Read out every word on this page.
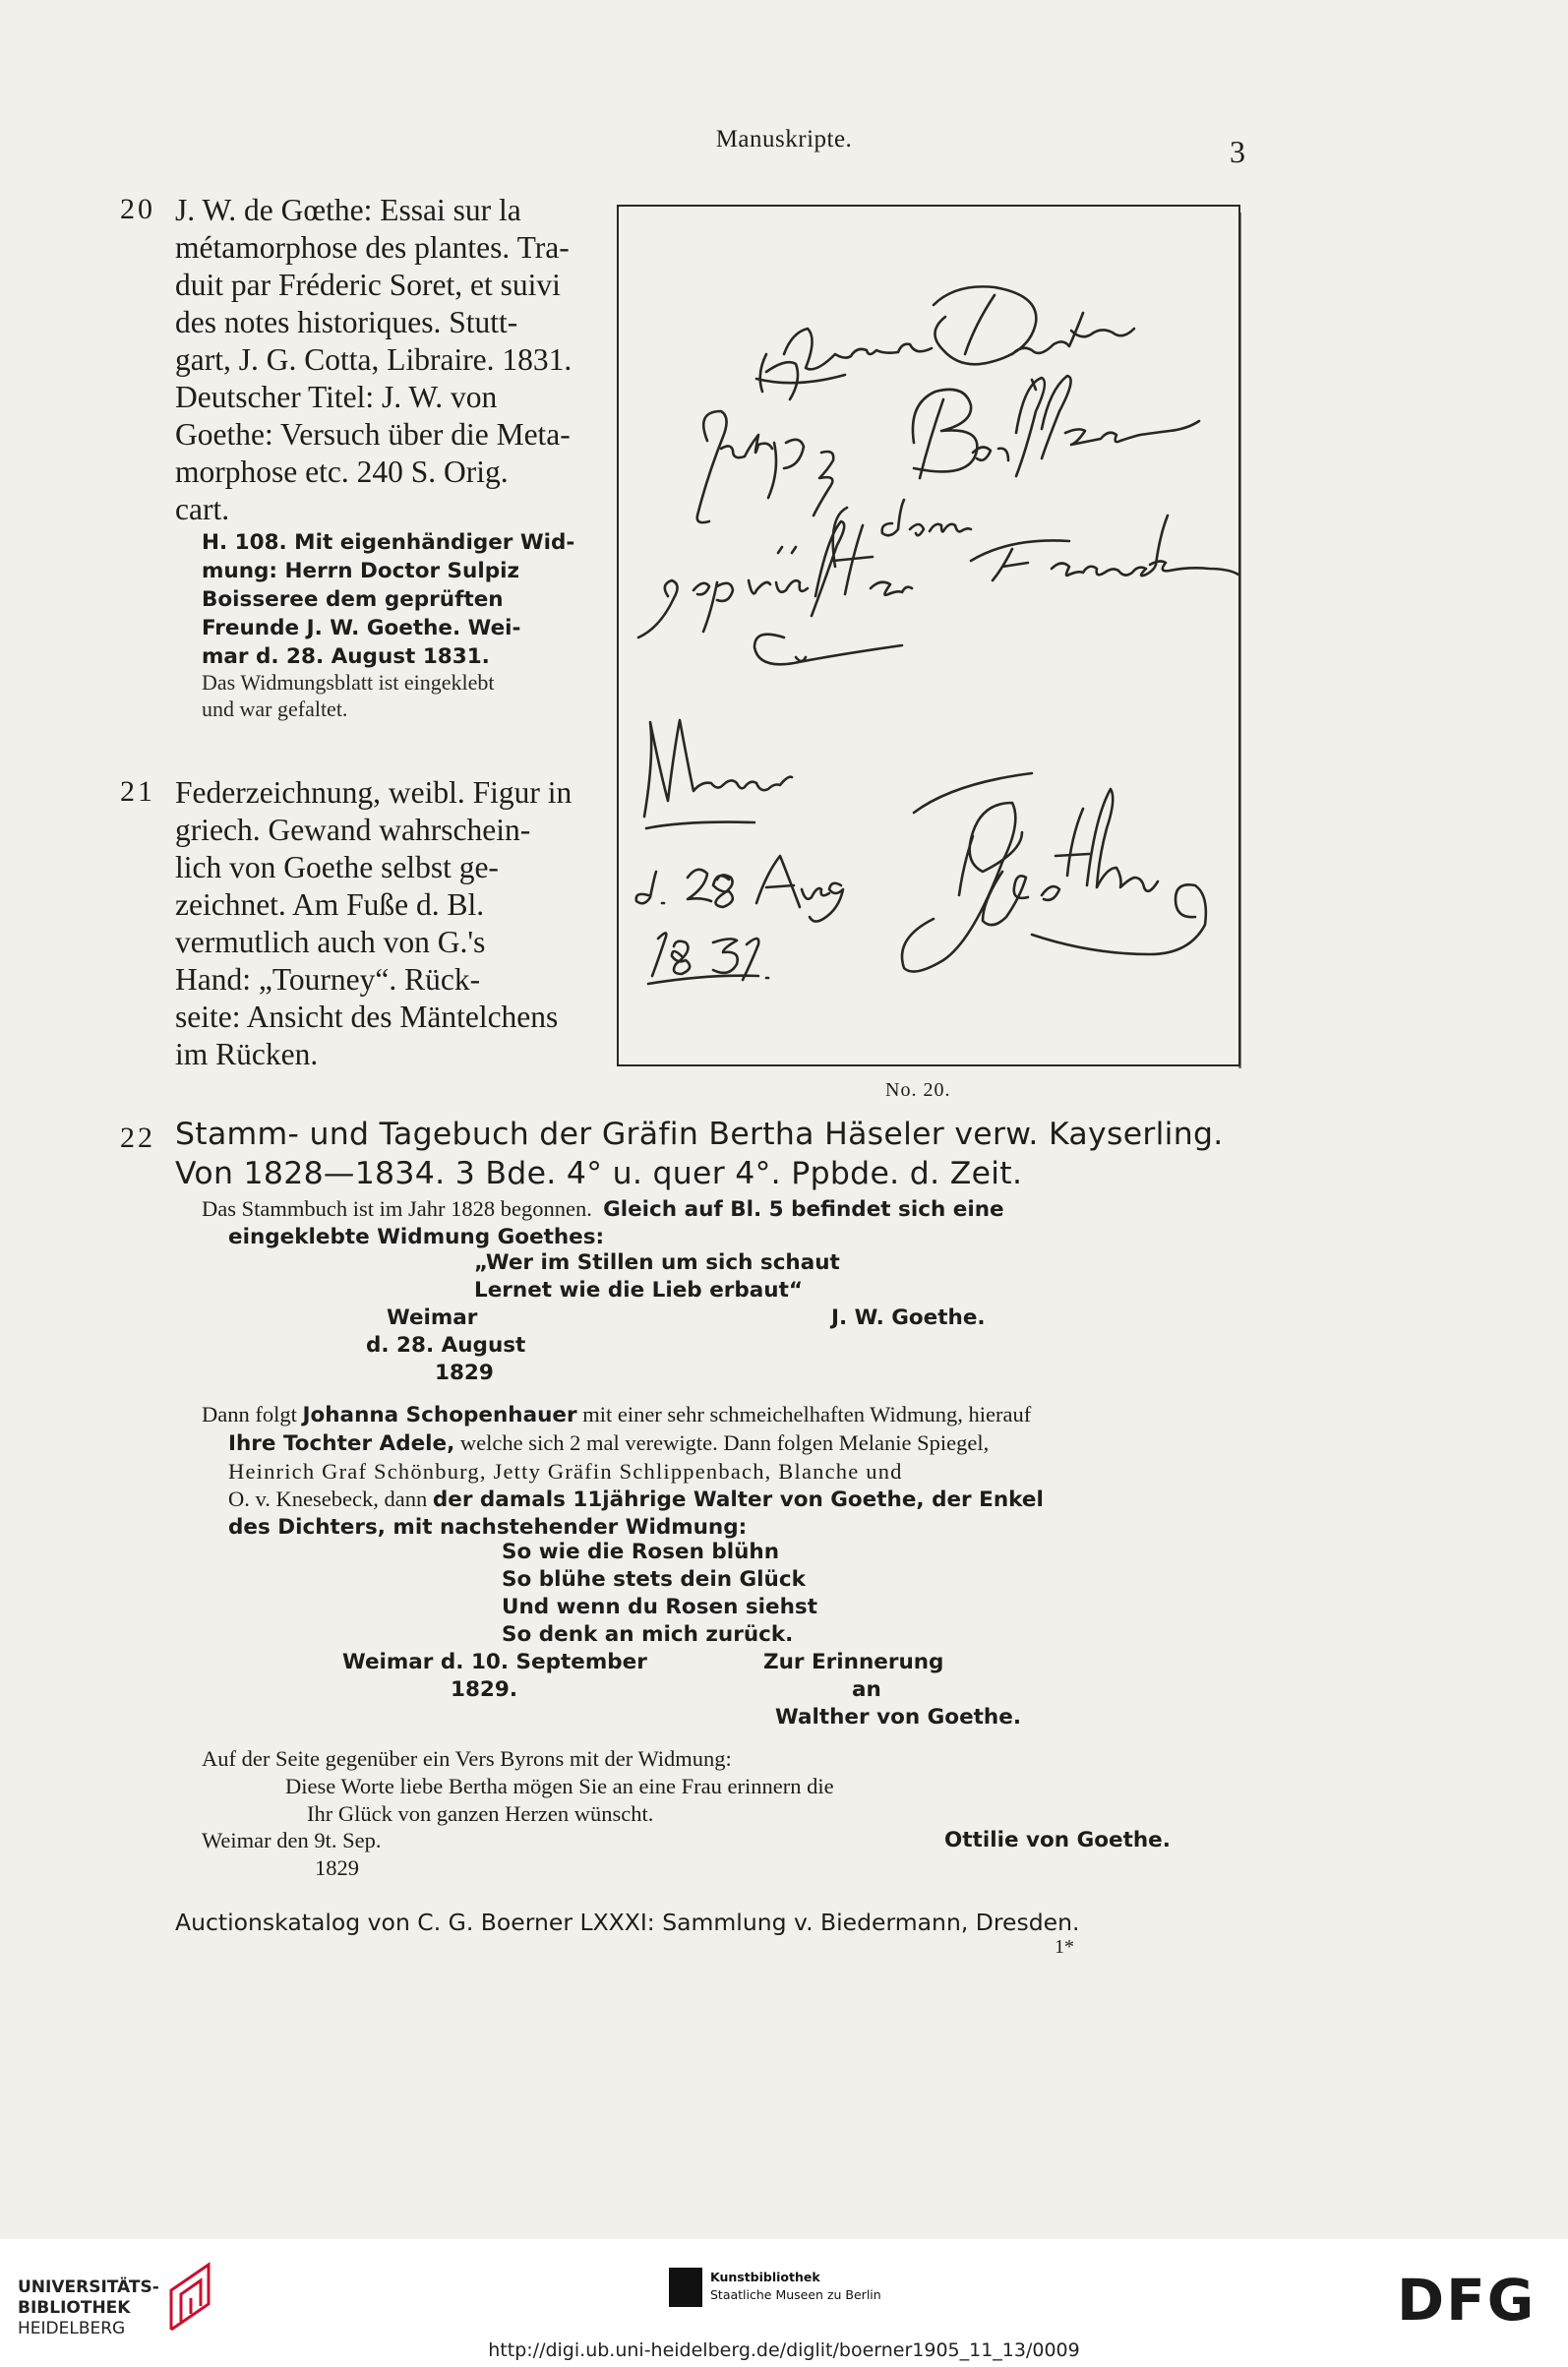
Manuskripte.	3
20 J. W. de Gœthe: Essai sur la
métamorphose des plantes. Tra-
duit par Fréderic Soret, et suivi
des notes historiques. Stutt-
gart, J. G. Cotta, Libraire. 1831.
Deutscher Titel: J. W. von
Goethe: Versuch über die Meta-
morphose etc. 240 S. Orig.
cart.
H. 108. Mit eigenhändiger Wid-
mung: Herrn Doctor Sulpiz
Boisseree dem geprüften
Freunde J. W. Goethe. Wei-
mar d. 28. August 1831.
Das Widmungsblatt ist eingeklebt
und war gefaltet.
21 Federzeichnung, weibl. Figur in
griech. Gewand wahrschein-
lich von Goethe selbst ge-
zeichnet. Am Fuße d. Bl.
vermutlich auch von G.'s
Hand: „Tourney“. Rück-
seite: Ansicht des Mäntelchens
im Rücken.
No. 20.
22 Stamm- und Tagebuch der Gräfin Bertha Häseler verw. Kayserling.
Von 1828—1834. 3 Bde. 4° u. quer 4°. Ppbde. d. Zeit.
Das Stammbuch ist im Jahr 1828 begonnen. Gleich auf Bl. 5 befindet sich eine
eingeklebte Widmung Goethes:
„Wer im Stillen um sich schaut
Lernet wie die Lieb erbaut“
Weimar	J. W. Goethe.
d. 28. August
1829
Dann folgt Johanna Schopenhauer mit einer sehr schmeichelhaften Widmung, hierauf
Ihre Tochter Adele, welche sich 2 mal verewigte. Dann folgen Melanie Spiegel,
Heinrich Graf Schönburg, Jetty Gräfin Schlippenbach, Blanche und
O. v. Knesebeck, dann der damals 11jährige Walter von Goethe, der Enkel
des Dichters, mit nachstehender Widmung:
So wie die Rosen blühn
So blühe stets dein Glück
Und wenn du Rosen siehst
So denk an mich zurück.
Weimar d. 10. September
1829.
Zur Erinnerung
an
Walther von Goethe.
Auf der Seite gegenüber ein Vers Byrons mit der Widmung:
Diese Worte liebe Bertha mögen Sie an eine Frau erinnern die
Ihr Glück von ganzen Herzen wünscht.
Weimar den 9t. Sep.	Ottilie von Goethe.
1829
Auctionskatalog von C. G. Boerner LXXXI: Sammlung v. Biedermann, Dresden.
1*
UNIVERSITÄTS-
BIBLIOTHEK
HEIDELBERG
Kunstbibliothek
Staatliche Museen zu Berlin	DFG
http://digi.ub.uni-heidelberg.de/diglit/boerner1905_11_13/0009
